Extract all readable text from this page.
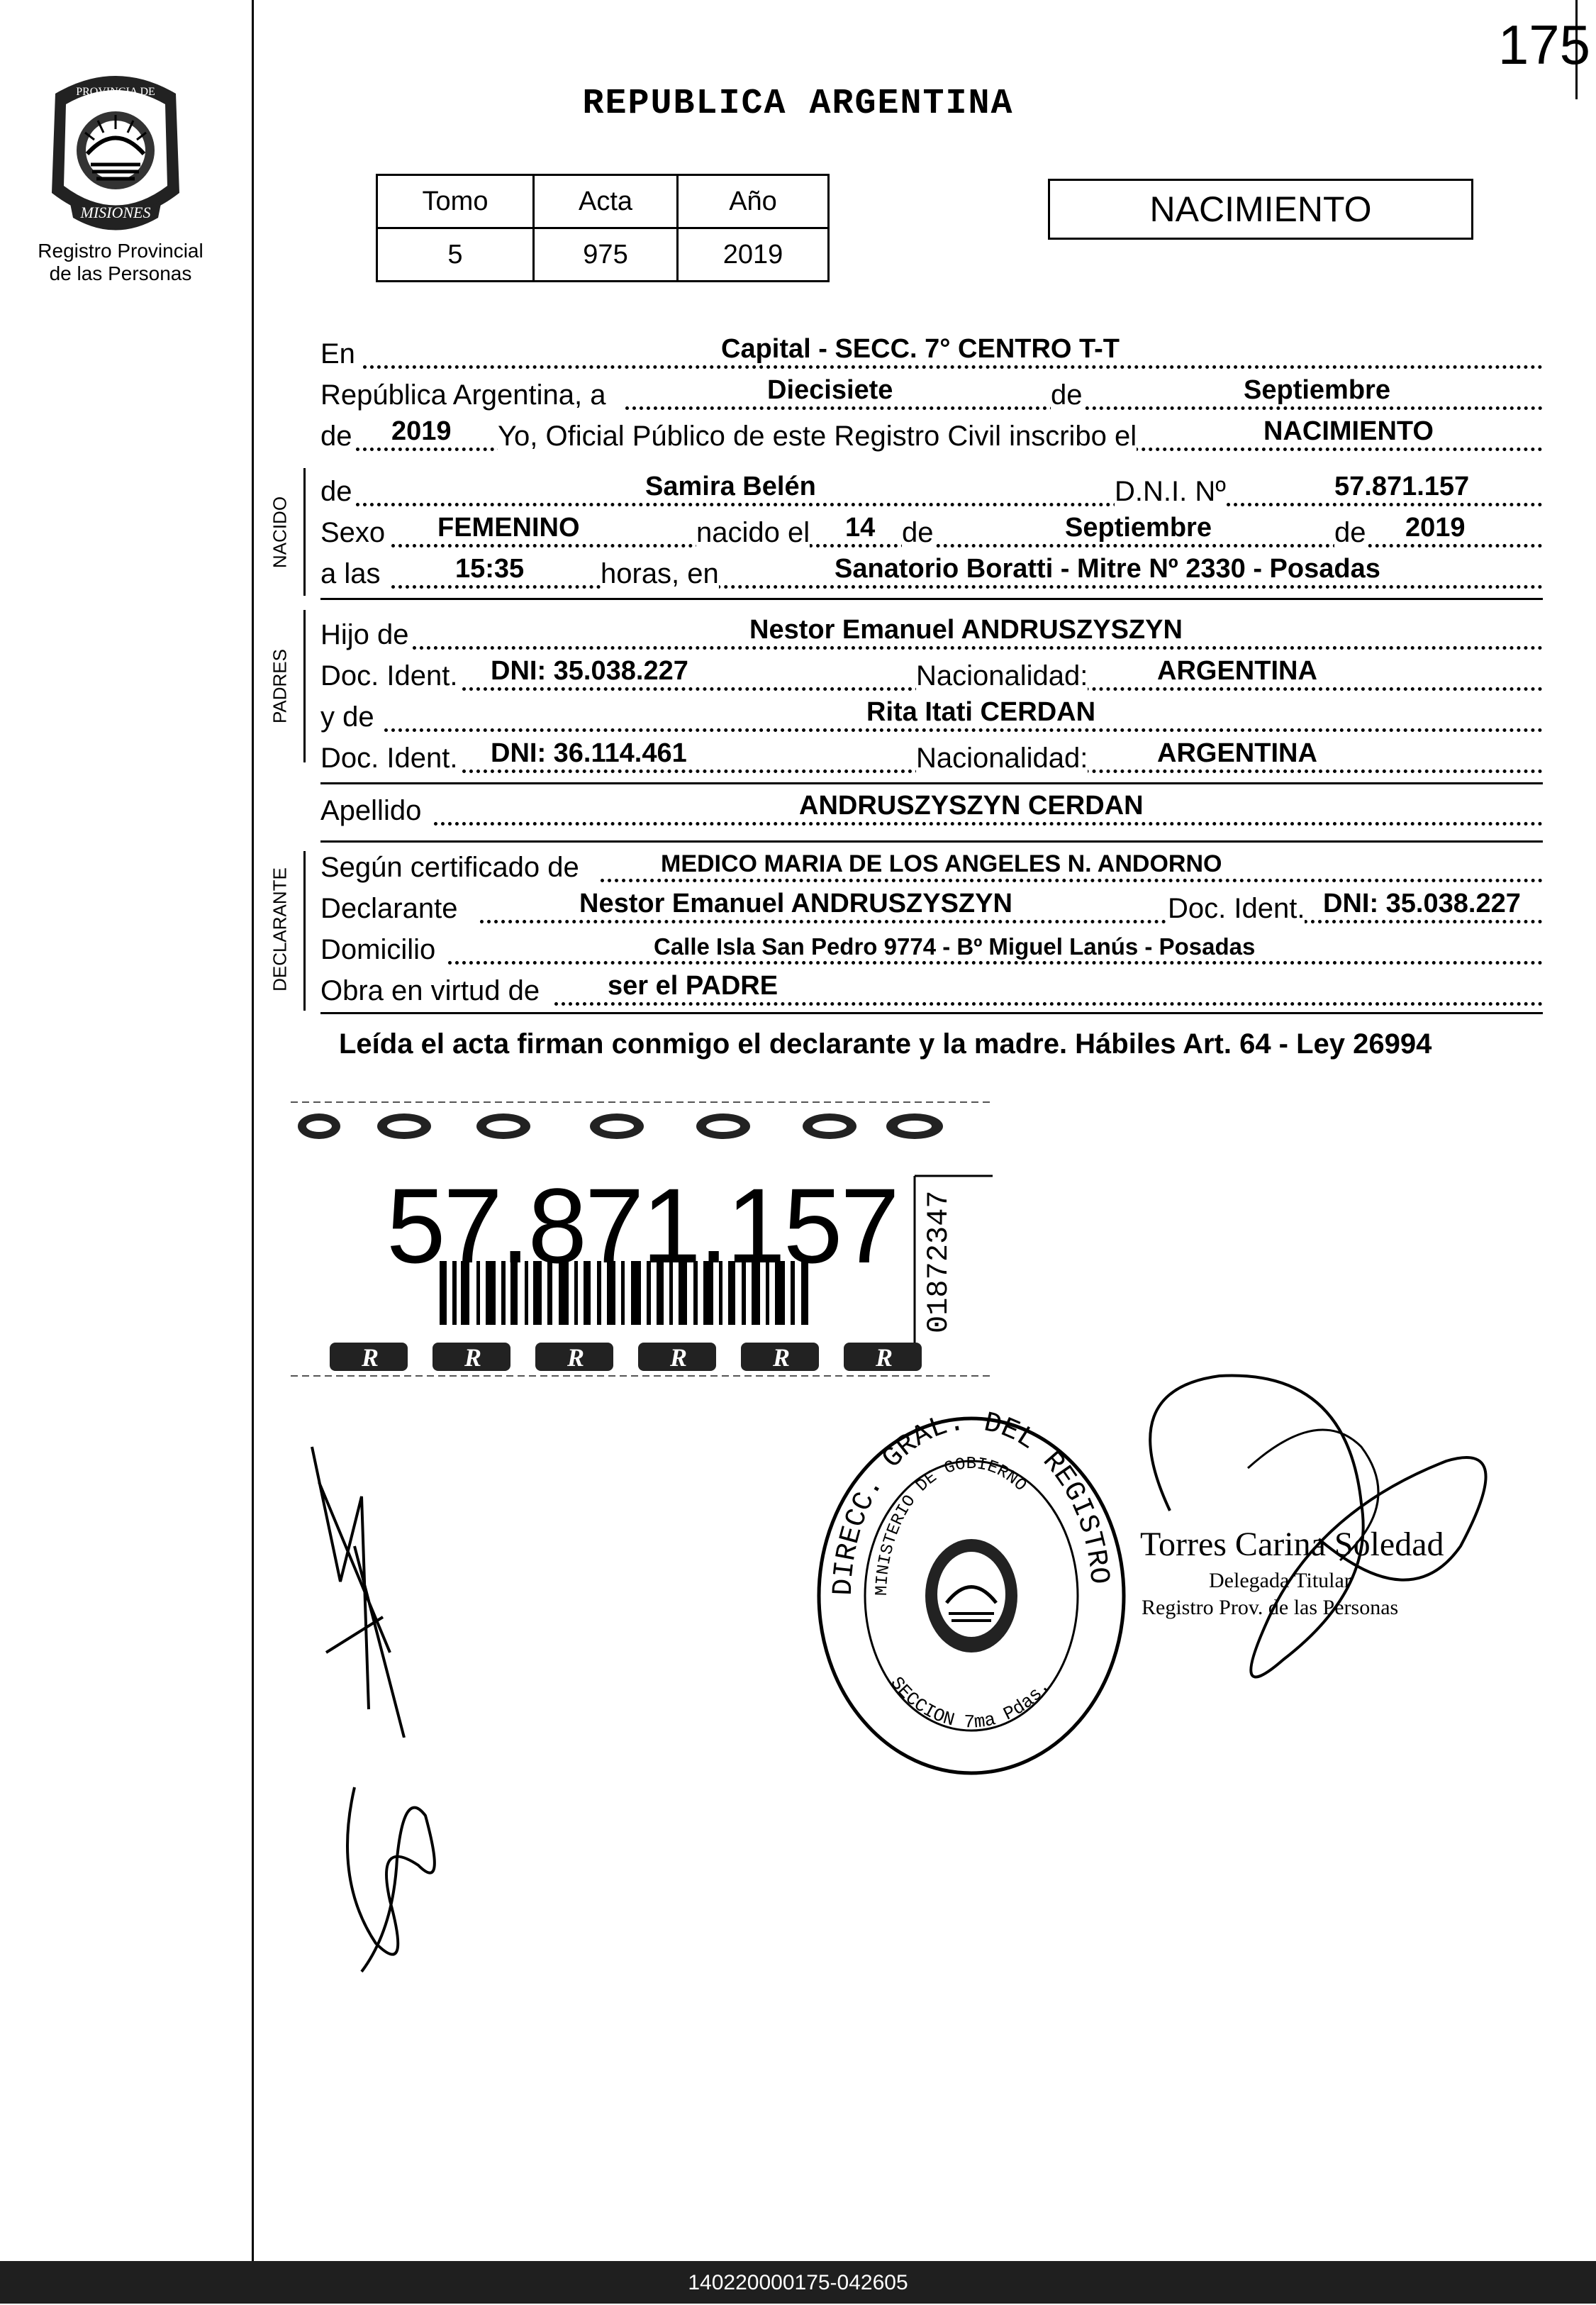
175
MISIONES
PROVINCIA DE
Registro Provincial
de las Personas
REPUBLICA ARGENTINA
Tomo	Acta	Año
5	975	2019
NACIMIENTO
En	Capital - SECC. 7° CENTRO T-T
República Argentina, a	Diecisiete	de	Septiembre
de 2019 Yo, Oficial Público de este Registro Civil inscribo el	NACIMIENTO
NACIDO
de	Samira Belén	D.N.I. Nº	57.871.157
Sexo FEMENINO	nacido el 14 de	Septiembre	de 2019
a las	15:35	horas, en	Sanatorio Boratti - Mitre Nº 2330 - Posadas
PADRES
Hijo de	Nestor Emanuel ANDRUSZYSZYN
Doc. Ident. DNI: 35.038.227	Nacionalidad:	ARGENTINA
y de	Rita Itati CERDAN
Doc. Ident. DNI: 36.114.461	Nacionalidad:	ARGENTINA
Apellido	ANDRUSZYSZYN CERDAN
DECLARANTE
Según certificado de	MEDICO MARIA DE LOS ANGELES N. ANDORNO
Declarante	Nestor Emanuel ANDRUSZYSZYN	Doc. Ident. DNI: 35.038.227
Domicilio	Calle Isla San Pedro 9774 - Bº Miguel Lanús - Posadas
Obra en virtud de	ser el PADRE
Leída el acta firman conmigo el declarante y la madre. Hábiles Art. 64 - Ley 26994
R	R	R	R	R	R
57.871.157 01872347
DIRECC. GRAL. DEL REGISTRO
MINISTERIO DE GOBIERNO
SECCION 7ma Pdas.
Torres Carina Soledad
Delegada Titular
Registro Prov. de las Personas
140220000175-042605
